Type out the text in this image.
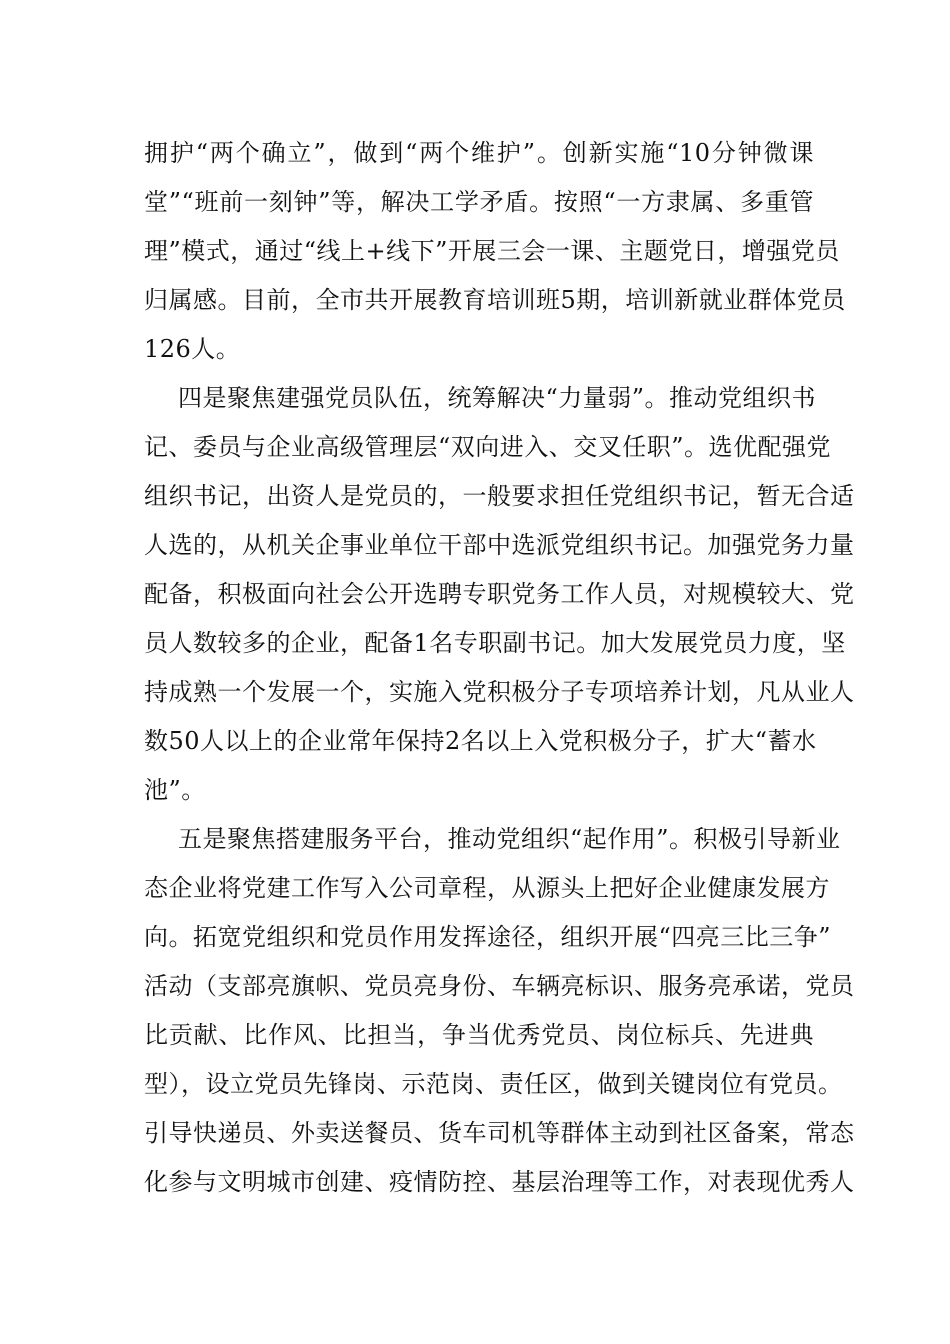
拥护“两个确立”，做到“两个维护”。创新实施“10分钟微课
堂”“班前一刻钟”等，解决工学矛盾。按照“一方隶属、多重管
理”模式，通过“线上+线下”开展三会一课、主题党日，增强党员
归属感。目前，全市共开展教育培训班5期，培训新就业群体党员
126人。
四是聚焦建强党员队伍，统筹解决“力量弱”。推动党组织书
记、委员与企业高级管理层“双向进入、交叉任职”。选优配强党
组织书记，出资人是党员的，一般要求担任党组织书记，暂无合适
人选的，从机关企事业单位干部中选派党组织书记。加强党务力量
配备，积极面向社会公开选聘专职党务工作人员，对规模较大、党
员人数较多的企业，配备1名专职副书记。加大发展党员力度，坚
持成熟一个发展一个，实施入党积极分子专项培养计划，凡从业人
数50人以上的企业常年保持2名以上入党积极分子，扩大“蓄水
池”。
五是聚焦搭建服务平台，推动党组织“起作用”。积极引导新业
态企业将党建工作写入公司章程，从源头上把好企业健康发展方
向。拓宽党组织和党员作用发挥途径，组织开展“四亮三比三争”
活动（支部亮旗帜、党员亮身份、车辆亮标识、服务亮承诺，党员
比贡献、比作风、比担当，争当优秀党员、岗位标兵、先进典
型），设立党员先锋岗、示范岗、责任区，做到关键岗位有党员。
引导快递员、外卖送餐员、货车司机等群体主动到社区备案，常态
化参与文明城市创建、疫情防控、基层治理等工作，对表现优秀人
